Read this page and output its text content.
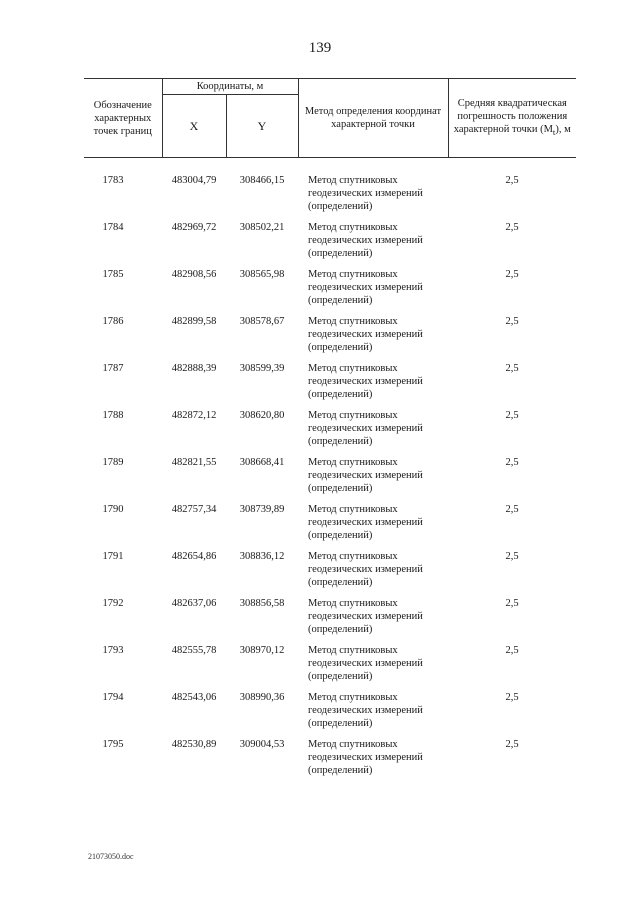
139
Обозначение характерных точек границ	Координаты, м		Метод определения координат характерной точки	Средняя квадратическая погрешность положения характерной точки $(M_t)$, м
	X	Y		
1783	483004,79	308466,15	Метод спутниковых геодезических измерений (определений)	2,5
1784	482969,72	308502,21	Метод спутниковых геодезических измерений (определений)	2,5
1785	482908,56	308565,98	Метод спутниковых геодезических измерений (определений)	2,5
1786	482899,58	308578,67	Метод спутниковых геодезических измерений (определений)	2,5
1787	482888,39	308599,39	Метод спутниковых геодезических измерений (определений)	2,5
1788	482872,12	308620,80	Метод спутниковых геодезических измерений (определений)	2,5
1789	482821,55	308668,41	Метод спутниковых геодезических измерений (определений)	2,5
1790	482757,34	308739,89	Метод спутниковых геодезических измерений (определений)	2,5
1791	482654,86	308836,12	Метод спутниковых геодезических измерений (определений)	2,5
1792	482637,06	308856,58	Метод спутниковых геодезических измерений (определений)	2,5
1793	482555,78	308970,12	Метод спутниковых геодезических измерений (определений)	2,5
1794	482543,06	308990,36	Метод спутниковых геодезических измерений (определений)	2,5
1795	482530,89	309004,53	Метод спутниковых геодезических измерений (определений)	2,5
21073050.doc
